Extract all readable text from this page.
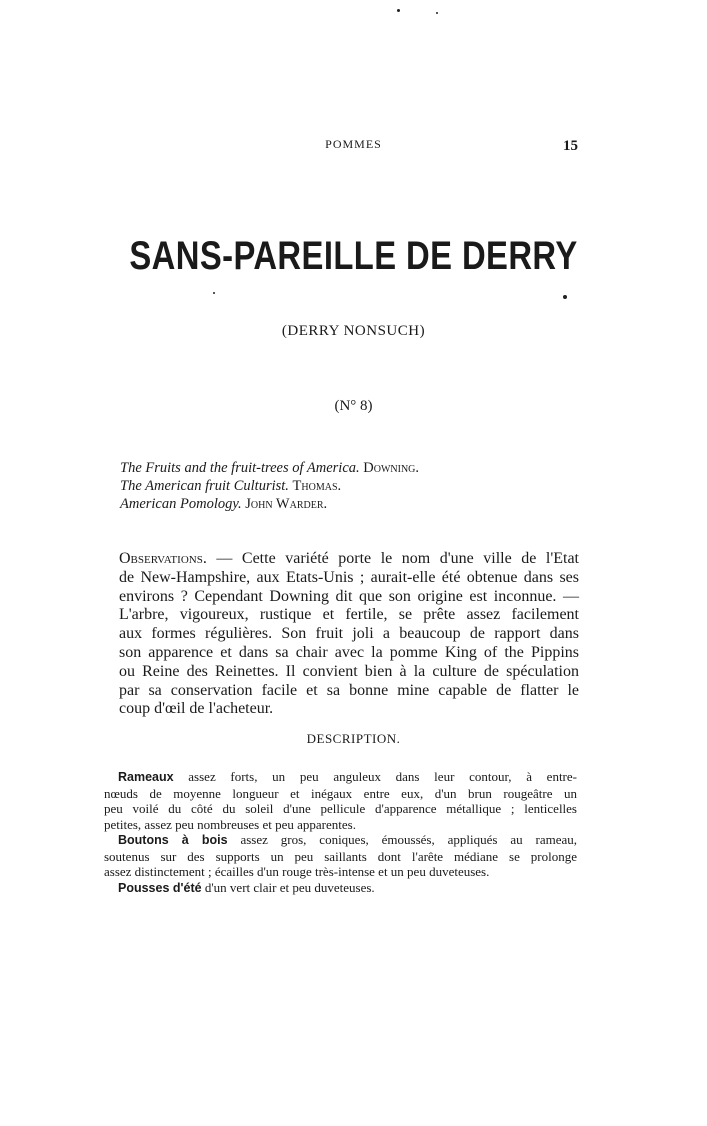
POMMES	15
SANS-PAREILLE DE DERRY
(DERRY NONSUCH)
(N° 8)
The Fruits and the fruit-trees of America. Downing.
The American fruit Culturist. Thomas.
American Pomology. John Warder.
Observations. — Cette variété porte le nom d'une ville de l'Etat
de New-Hampshire, aux Etats-Unis ; aurait-elle été obtenue dans ses
environs ? Cependant Downing dit que son origine est inconnue. —
L'arbre, vigoureux, rustique et fertile, se prête assez facilement
aux formes régulières. Son fruit joli a beaucoup de rapport dans
son apparence et dans sa chair avec la pomme King of the Pippins
ou Reine des Reinettes. Il convient bien à la culture de spéculation
par sa conservation facile et sa bonne mine capable de flatter le
coup d'œil de l'acheteur.
DESCRIPTION.
Rameaux assez forts, un peu anguleux dans leur contour, à entre-
nœuds de moyenne longueur et inégaux entre eux, d'un brun rougeâtre un
peu voilé du côté du soleil d'une pellicule d'apparence métallique ; lenticelles
petites, assez peu nombreuses et peu apparentes.
Boutons à bois assez gros, coniques, émoussés, appliqués au rameau,
soutenus sur des supports un peu saillants dont l'arête médiane se prolonge
assez distinctement ; écailles d'un rouge très-intense et un peu duveteuses.
Pousses d'été d'un vert clair et peu duveteuses.
